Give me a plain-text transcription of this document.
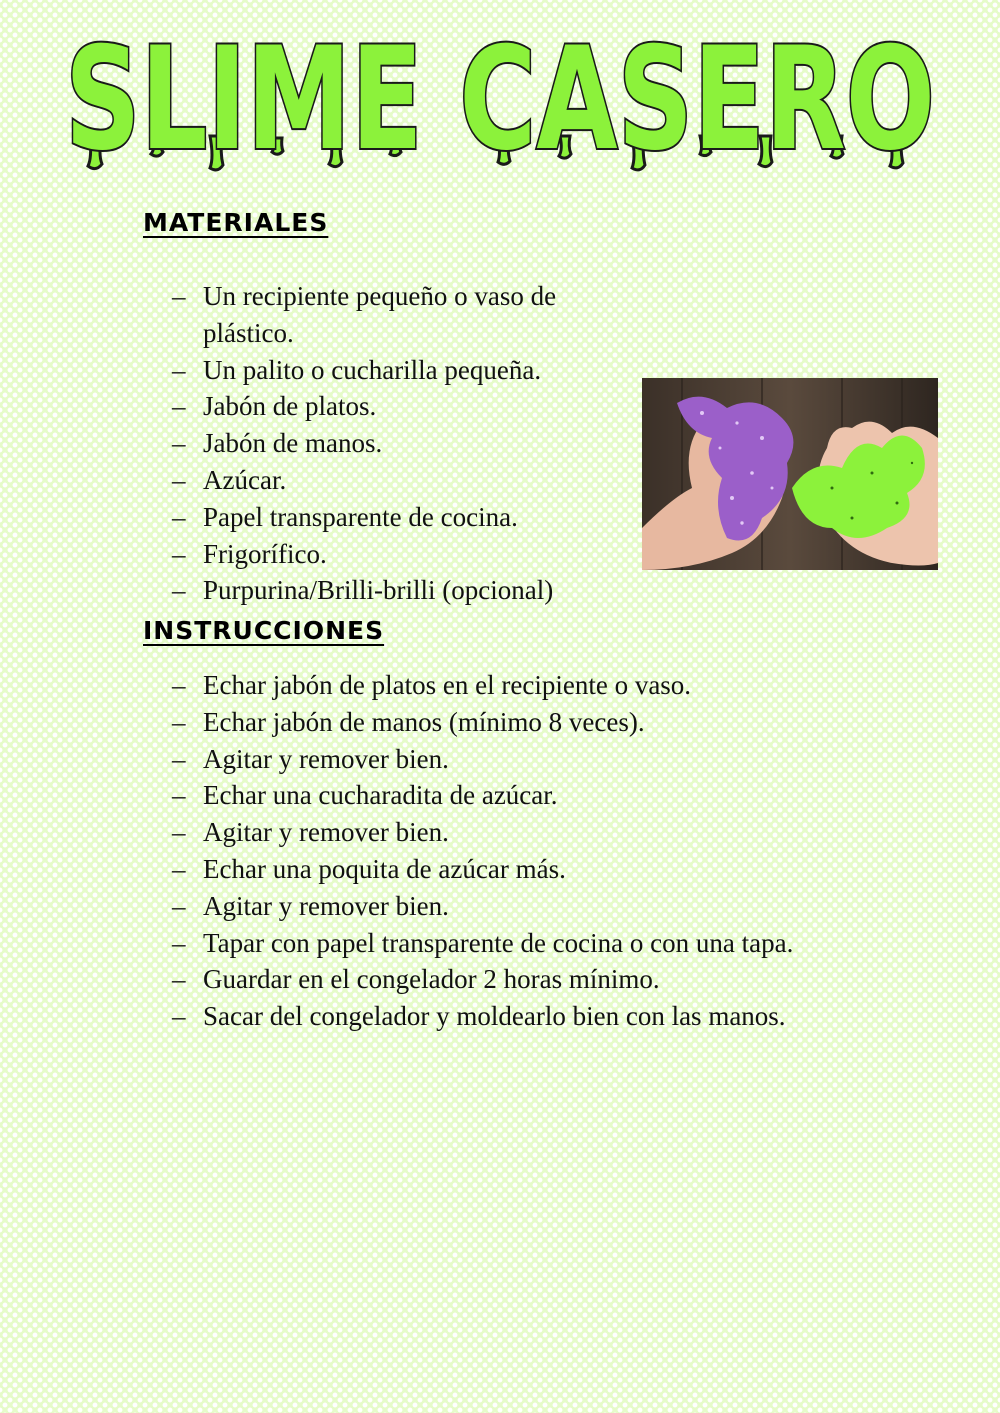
SLIME CASERO
MATERIALES
– Un recipiente pequeño o vaso de plástico.
– Un palito o cucharilla pequeña.
– Jabón de platos.
– Jabón de manos.
– Azúcar.
– Papel transparente de cocina.
– Frigorífico.
– Purpurina/Brilli-brilli (opcional)
INSTRUCCIONES
– Echar jabón de platos en el recipiente o vaso.
– Echar jabón de manos (mínimo 8 veces).
– Agitar y remover bien.
– Echar una cucharadita de azúcar.
– Agitar y remover bien.
– Echar una poquita de azúcar más.
– Agitar y remover bien.
– Tapar con papel transparente de cocina o con una tapa.
– Guardar en el congelador 2 horas mínimo.
– Sacar del congelador y moldearlo bien con las manos.
